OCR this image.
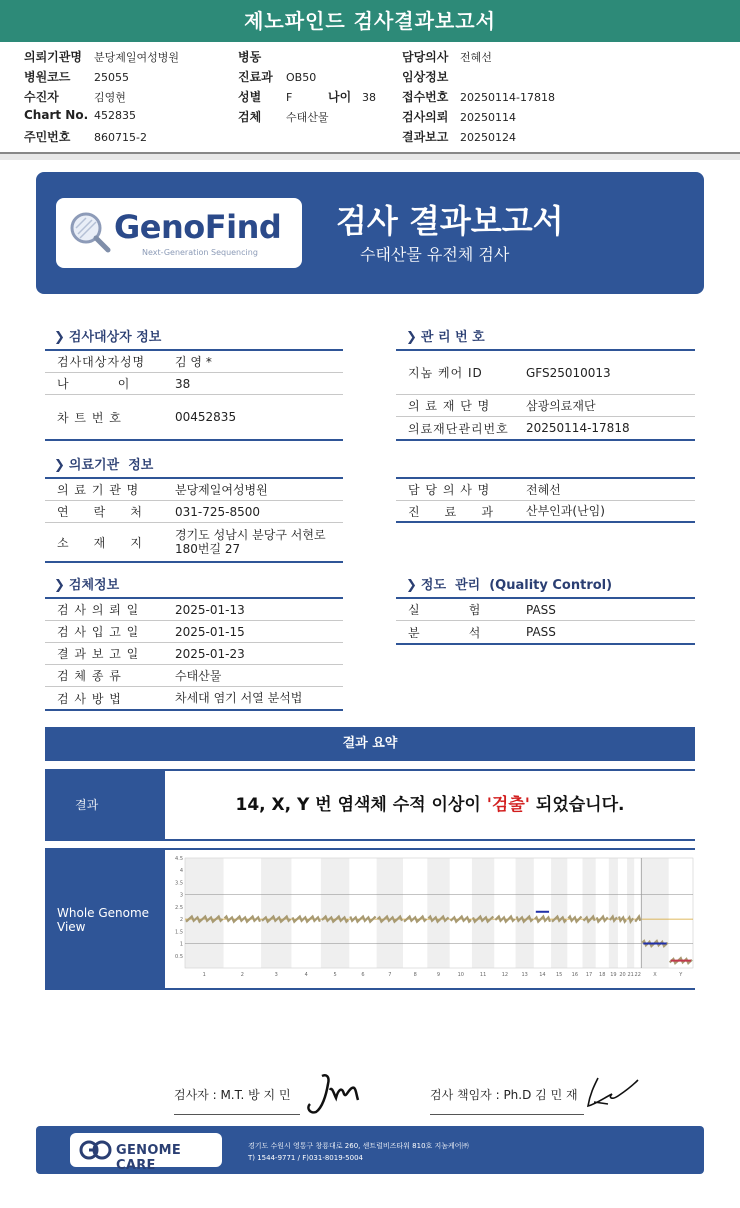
제노파인드 검사결과보고서
의뢰기관명 분당제일여성병원
병원코드 25055
수진자	김영현
Chart No. 452835
주민번호 860715-2
병동
진료과 OB50
성별 F	나이 38
검체 수태산물
담당의사 전혜선
임상정보
접수번호 20250114-17818
검사의뢰 20250114
결과보고 20250124
GenoFind
Next-Generation Sequencing
검사 결과보고서
수태산물 유전체 검사
❯ 검사대상자 정보
검사대상자성명	김 영 *
나          이	38
차 트 번 호	00452835
❯ 관 리 번 호
지놈 케어 ID	GFS25010013
의 료 재 단 명	삼광의료재단
의료재단관리번호	20250114-17818
❯ 의료기관  정보
의 료 기 관 명	분당제일여성병원
연     락     처	031-725-8500
소     재     지
경기도 성남시 분당구 서현로
180번길 27
담 당 의 사 명	전혜선
진     료     과	산부인과(난임)
❯ 검체정보
검 사 의 뢰 일	2025-01-13
검 사 입 고 일	2025-01-15
결 과 보 고 일	2025-01-23
검 체 종 류	수태산물
검 사 방 법	차세대 염기 서열 분석법
❯ 정도  관리  (Quality Control)
실          험	PASS
분          석	PASS
결과 요약
결과	14, X, Y 번 염색체 수적 이상이 '검출' 되었습니다.
Whole Genome View
0.5
1
1.5
2
2.5
3
3.5
4
4.5
1	2	3	4	5	6	7	8	9	10	11	12	13 14 15 16 17 18 19 20 21 22 X	Y
검사자 : M.T. 방 지 민	검사 책임자 : Ph.D 김 민 재
GENOME CARE
경기도 수원시 영통구 창룡대로 260, 센트럴비즈타워 810호 지놈케어㈜
T) 1544-9771 / F)031-8019-5004
